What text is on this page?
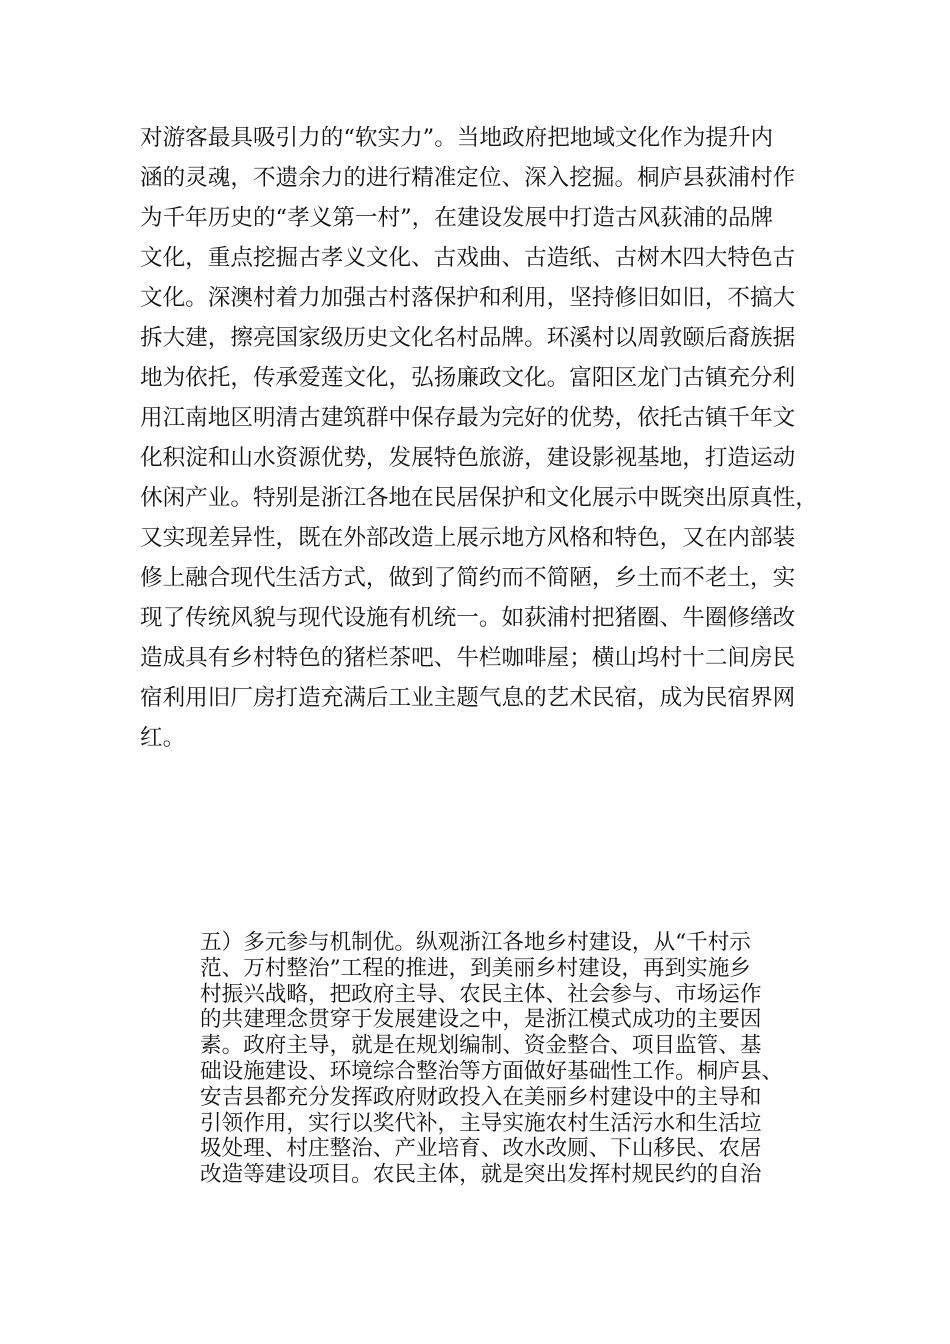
对游客最具吸引力的“软实力”。当地政府把地域文化作为提升内
涵的灵魂，不遗余力的进行精准定位、深入挖掘。桐庐县荻浦村作
为千年历史的“孝义第一村”，在建设发展中打造古风荻浦的品牌
文化，重点挖掘古孝义文化、古戏曲、古造纸、古树木四大特色古
文化。深澳村着力加强古村落保护和利用，坚持修旧如旧，不搞大
拆大建，擦亮国家级历史文化名村品牌。环溪村以周敦颐后裔族据
地为依托，传承爱莲文化，弘扬廉政文化。富阳区龙门古镇充分利
用江南地区明清古建筑群中保存最为完好的优势，依托古镇千年文
化积淀和山水资源优势，发展特色旅游，建设影视基地，打造运动
休闲产业。特别是浙江各地在民居保护和文化展示中既突出原真性，
又实现差异性，既在外部改造上展示地方风格和特色，又在内部装
修上融合现代生活方式，做到了简约而不简陋，乡土而不老土，实
现了传统风貌与现代设施有机统一。如荻浦村把猪圈、牛圈修缮改
造成具有乡村特色的猪栏茶吧、牛栏咖啡屋；横山坞村十二间房民
宿利用旧厂房打造充满后工业主题气息的艺术民宿，成为民宿界网
红。
五）多元参与机制优。纵观浙江各地乡村建设，从“千村示
范、万村整治”工程的推进，到美丽乡村建设，再到实施乡
村振兴战略，把政府主导、农民主体、社会参与、市场运作
的共建理念贯穿于发展建设之中，是浙江模式成功的主要因
素。政府主导，就是在规划编制、资金整合、项目监管、基
础设施建设、环境综合整治等方面做好基础性工作。桐庐县、
安吉县都充分发挥政府财政投入在美丽乡村建设中的主导和
引领作用，实行以奖代补，主导实施农村生活污水和生活垃
圾处理、村庄整治、产业培育、改水改厕、下山移民、农居
改造等建设项目。农民主体，就是突出发挥村规民约的自治
